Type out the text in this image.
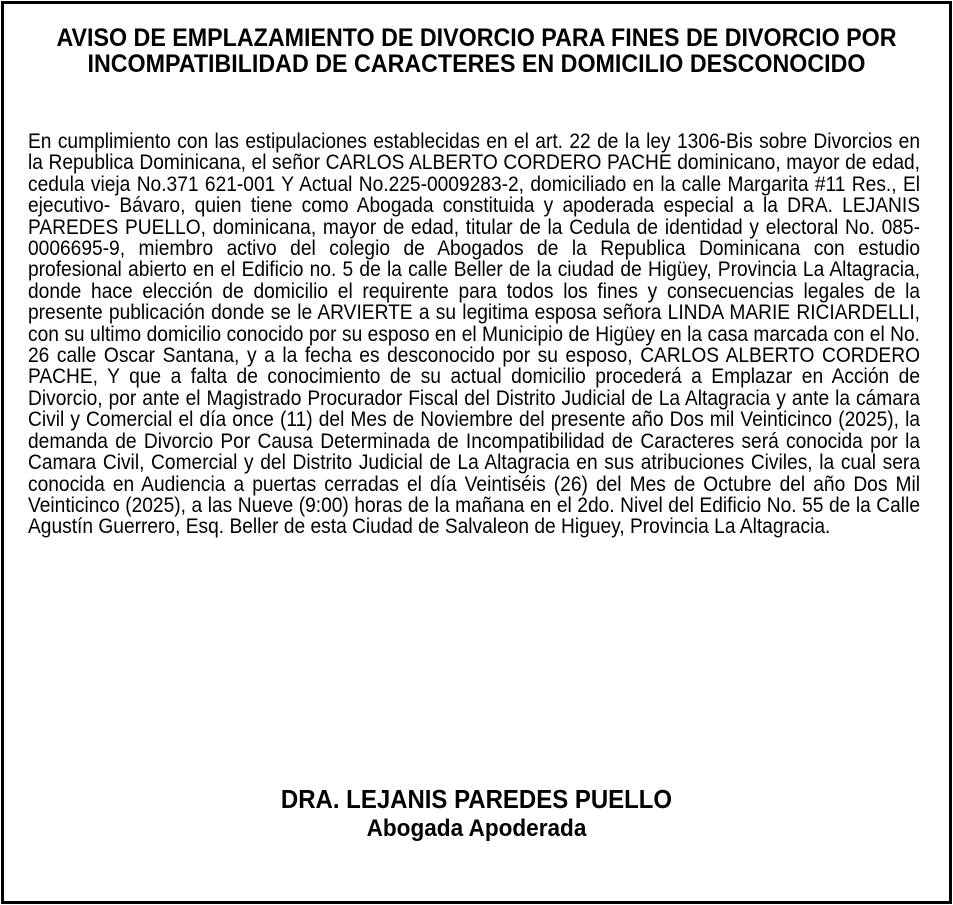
AVISO DE EMPLAZAMIENTO DE DIVORCIO PARA FINES DE DIVORCIO POR INCOMPATIBILIDAD DE CARACTERES EN DOMICILIO DESCONOCIDO

En cumplimiento con las estipulaciones establecidas en el art. 22 de la ley 1306-Bis sobre Divorcios en la Republica Dominicana, el señor CARLOS ALBERTO CORDERO PACHE dominicano, mayor de edad, cedula vieja No.371 621-001 Y Actual No.225-0009283-2, domiciliado en la calle Margarita #11 Res., El ejecutivo- Bávaro, quien tiene como Abogada constituida y apoderada especial a la DRA. LEJANIS PAREDES PUELLO, dominicana, mayor de edad, titular de la Cedula de identidad y electoral No. 085-0006695-9, miembro activo del colegio de Abogados de la Republica Dominicana con estudio profesional abierto en el Edificio no. 5 de la calle Beller de la ciudad de Higüey, Provincia La Altagracia, donde hace elección de domicilio el requirente para todos los fines y consecuencias legales de la presente publicación donde se le ARVIERTE a su legitima esposa señora LINDA MARIE RICIARDELLI, con su ultimo domicilio conocido por su esposo en el Municipio de Higüey en la casa marcada con el No. 26 calle Oscar Santana, y a la fecha es desconocido por su esposo, CARLOS ALBERTO CORDERO PACHE, Y que a falta de conocimiento de su actual domicilio procederá a Emplazar en Acción de Divorcio, por ante el Magistrado Procurador Fiscal del Distrito Judicial de La Altagracia y ante la cámara Civil y Comercial el día once (11) del Mes de Noviembre del presente año Dos mil Veinticinco (2025), la demanda de Divorcio Por Causa Determinada de Incompatibilidad de Caracteres será conocida por la Camara Civil, Comercial y del Distrito Judicial de La Altagracia en sus atribuciones Civiles, la cual sera conocida en Audiencia a puertas cerradas el día Veintiséis (26) del Mes de Octubre del año Dos Mil Veinticinco (2025), a las Nueve (9:00) horas de la mañana en el 2do. Nivel del Edificio No. 55 de la Calle Agustín Guerrero, Esq. Beller de esta Ciudad de Salvaleon de Higuey, Provincia La Altagracia.

DRA. LEJANIS PAREDES PUELLO
Abogada Apoderada
